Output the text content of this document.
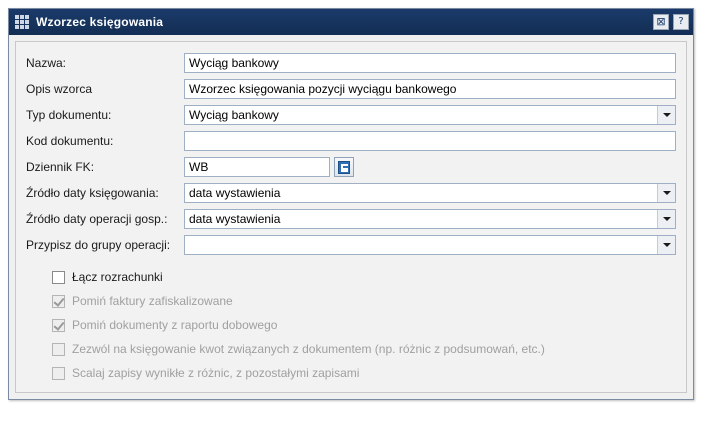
Wzorzec księgowania	⊠	?
Nazwa:	Wyciąg bankowy
Opis wzorca	Wzorzec księgowania pozycji wyciągu bankowego
Typ dokumentu:	Wyciąg bankowy
Kod dokumentu:
Dziennik FK:	WB
Źródło daty księgowania:	data wystawienia
Źródło daty operacji gosp.:	data wystawienia
Przypisz do grupy operacji:
Łącz rozrachunki
Pomiń faktury zafiskalizowane
Pomiń dokumenty z raportu dobowego
Zezwól na księgowanie kwot związanych z dokumentem (np. różnic z podsumowań, etc.)
Scalaj zapisy wynikłe z różnic, z pozostałymi zapisami
